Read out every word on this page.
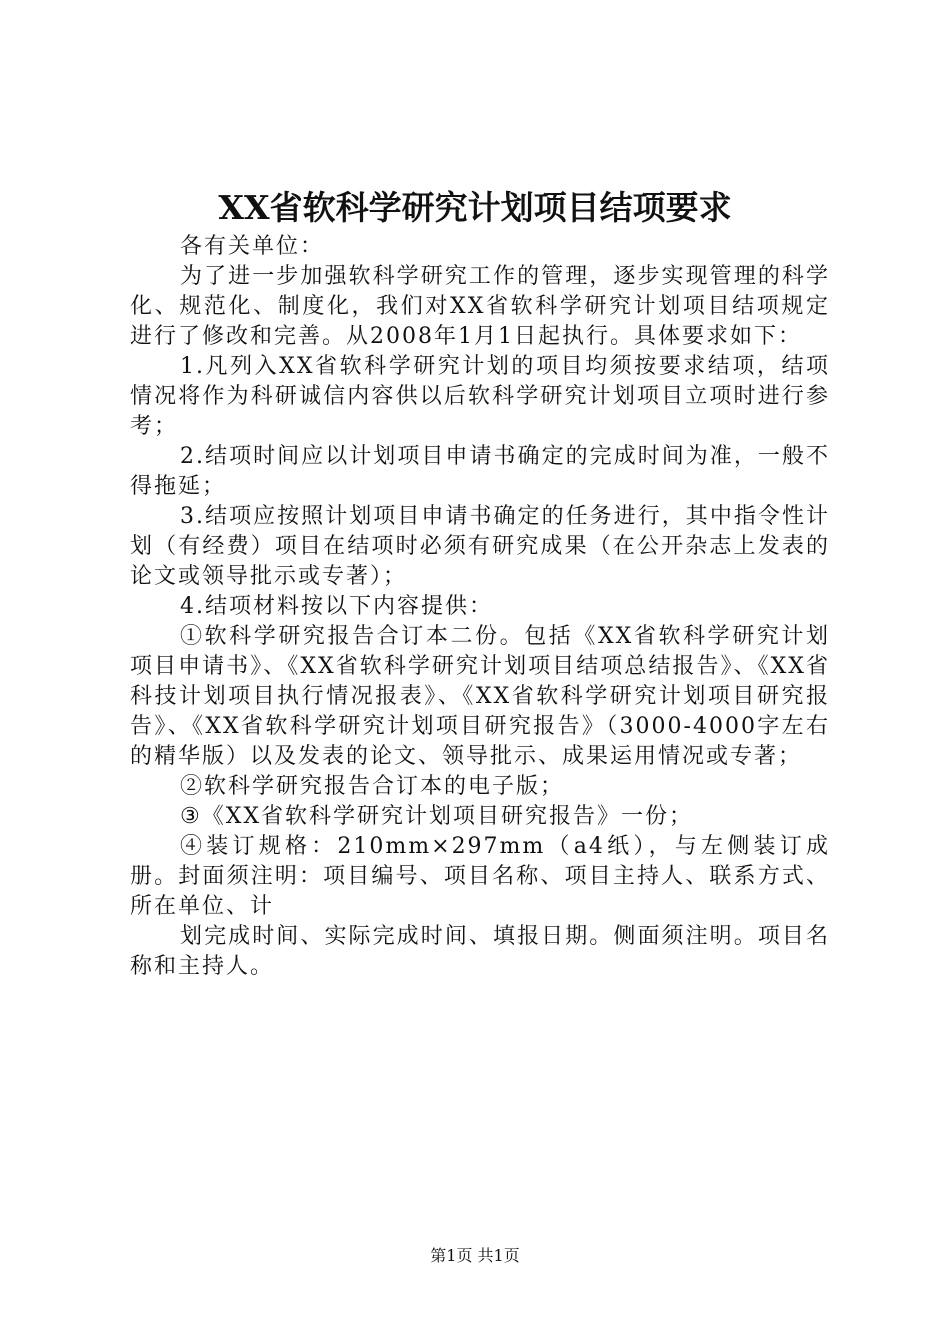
XX省软科学研究计划项目结项要求

各有关单位：

为了进一步加强软科学研究工作的管理，逐步实现管理的科学化、规范化、制度化，我们对XX省软科学研究计划项目结项规定进行了修改和完善。从2008年1月1日起执行。具体要求如下：

1.凡列入XX省软科学研究计划的项目均须按要求结项，结项情况将作为科研诚信内容供以后软科学研究计划项目立项时进行参考；

2.结项时间应以计划项目申请书确定的完成时间为准，一般不得拖延；

3.结项应按照计划项目申请书确定的任务进行，其中指令性计划（有经费）项目在结项时必须有研究成果（在公开杂志上发表的论文或领导批示或专著）；

4.结项材料按以下内容提供：

①软科学研究报告合订本二份。包括《XX省软科学研究计划项目申请书》、《XX省软科学研究计划项目结项总结报告》、《XX省科技计划项目执行情况报表》、《XX省软科学研究计划项目研究报告》、《XX省软科学研究计划项目研究报告》（3000-4000字左右的精华版）以及发表的论文、领导批示、成果运用情况或专著；

②软科学研究报告合订本的电子版；

③《XX省软科学研究计划项目研究报告》一份；

④装订规格：210mm×297mm（a4纸），与左侧装订成册。封面须注明：项目编号、项目名称、项目主持人、联系方式、所在单位、计

划完成时间、实际完成时间、填报日期。侧面须注明。项目名称和主持人。

第1页 共1页
